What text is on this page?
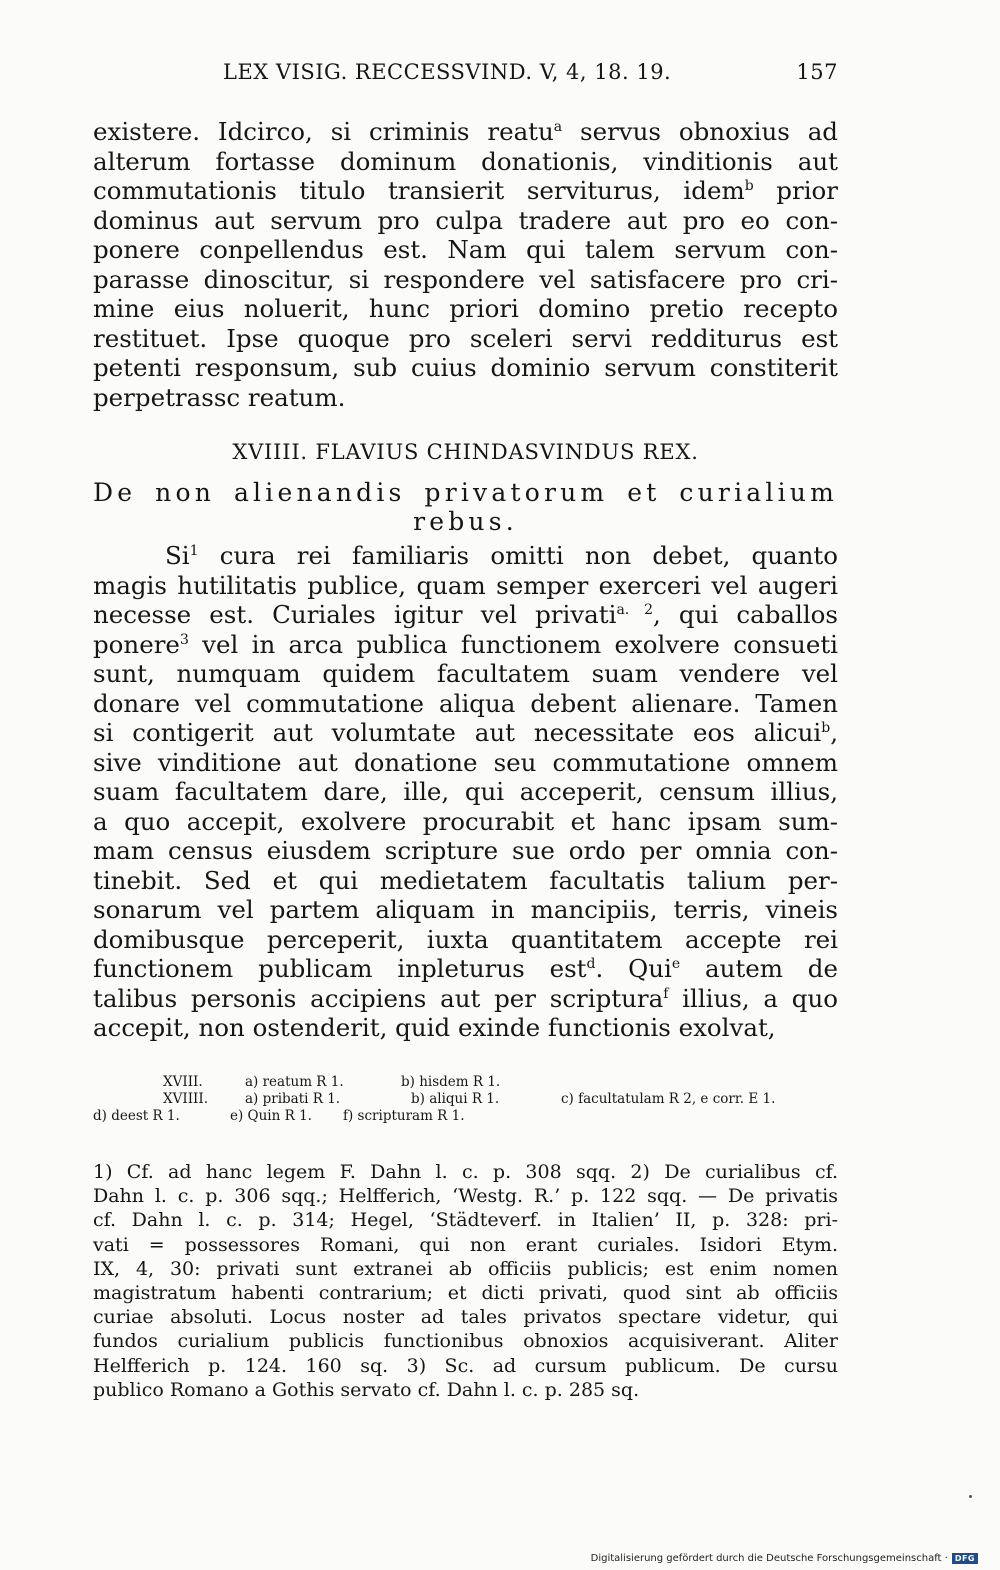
LEX VISIG. RECCESSVIND. V, 4, 18. 19.	157
existere. Idcirco, si criminis reatu$^a$ servus obnoxius ad
alterum fortasse dominum donationis, vinditionis aut
commutationis titulo transierit serviturus, idem$^b$ prior
dominus aut servum pro culpa tradere aut pro eo con-
ponere conpellendus est. Nam qui talem servum con-
parasse dinoscitur, si respondere vel satisfacere pro cri-
mine eius noluerit, hunc priori domino pretio recepto
restituet. Ipse quoque pro sceleri servi redditurus est
petenti responsum, sub cuius dominio servum constiterit
perpetrassc reatum.
XVIIII. FLAVIUS CHINDASVINDUS REX.
De non alienandis privatorum et curialium
rebus.
Si$^1$ cura rei familiaris omitti non debet, quanto
magis hutilitatis publice, quam semper exerceri vel augeri
necesse est. Curiales igitur vel privati$^{a. 2}$, qui caballos
ponere$^3$ vel in arca publica functionem exolvere consueti
sunt, numquam quidem facultatem suam vendere vel
donare vel commutatione aliqua debent alienare. Tamen
si contigerit aut volumtate aut necessitate eos alicui$^b$,
sive vinditione aut donatione seu commutatione omnem
suam facultatem dare, ille, qui acceperit, censum illius,
a quo accepit, exolvere procurabit et hanc ipsam sum-
mam census eiusdem scripture sue ordo per omnia con-
tinebit. Sed et qui medietatem facultatis talium per-
sonarum vel partem aliquam in mancipiis, terris, vineis
domibusque perceperit, iuxta quantitatem accepte rei
functionem publicam inpleturus est$^d$. Qui$^e$ autem de
talibus personis accipiens aut per scriptura$^f$ illius, a quo
accepit, non ostenderit, quid exinde functionis exolvat,
XVIII.	a) reatum R 1.	b) hisdem R 1.
XVIIII.	a) pribati R 1.	b) aliqui R 1.	c) facultatulam R 2, e corr. E 1.
d) deest R 1.	e) Quin R 1. f) scripturam R 1.
1) Cf. ad hanc legem F. Dahn l. c. p. 308 sqq. 2) De curialibus cf.
Dahn l. c. p. 306 sqq.; Helfferich, ‘Westg. R.’ p. 122 sqq. — De privatis
cf. Dahn l. c. p. 314; Hegel, ‘Städteverf. in Italien’ II, p. 328: pri-
vati = possessores Romani, qui non erant curiales. Isidori Etym.
IX, 4, 30: privati sunt extranei ab officiis publicis; est enim nomen
magistratum habenti contrarium; et dicti privati, quod sint ab officiis
curiae absoluti. Locus noster ad tales privatos spectare videtur, qui
fundos curialium publicis functionibus obnoxios acquisiverant. Aliter
Helfferich p. 124. 160 sq. 3) Sc. ad cursum publicum. De cursu
publico Romano a Gothis servato cf. Dahn l. c. p. 285 sq.
Digitalisierung gefördert durch die Deutsche Forschungsgemeinschaft · DFG
